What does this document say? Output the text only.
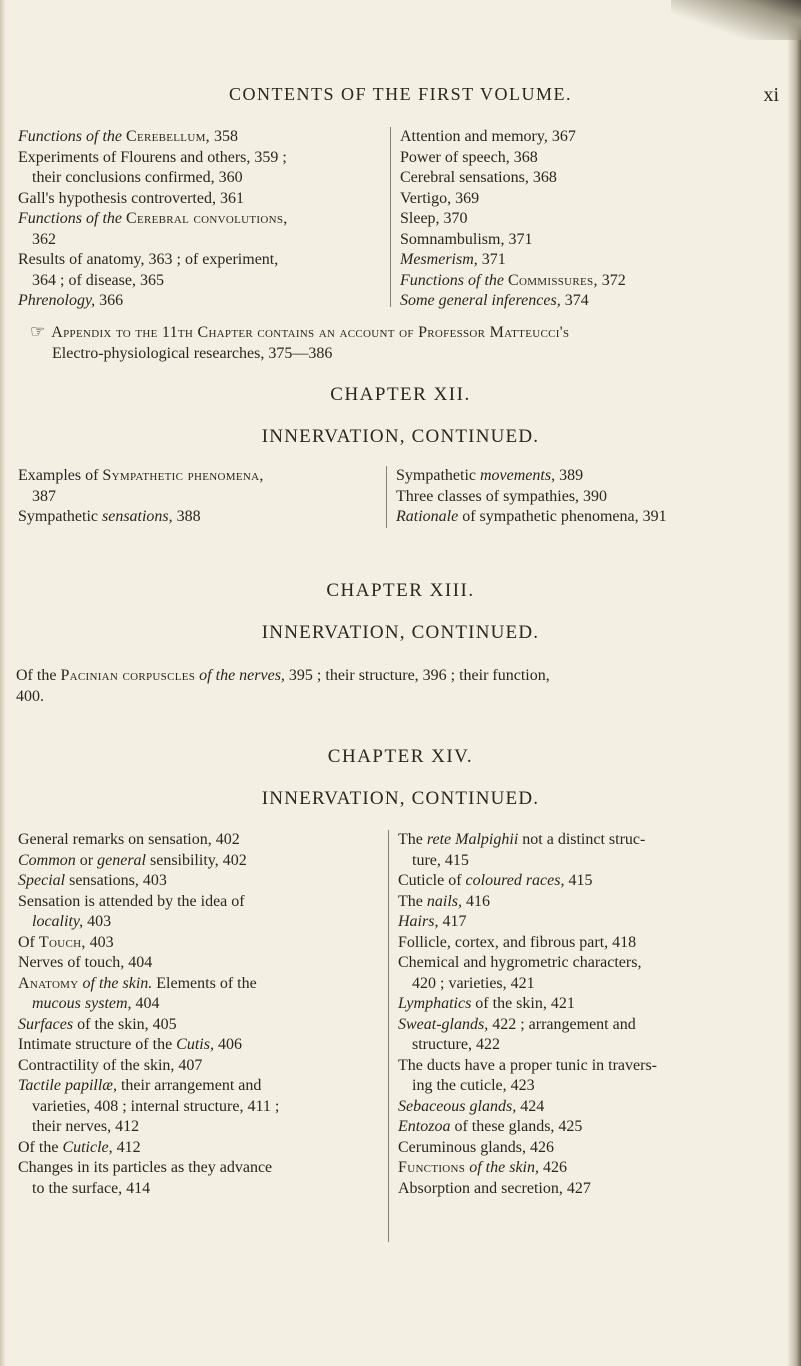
CONTENTS OF THE FIRST VOLUME.	xi

Functions of the Cerebellum, 358

Experiments of Flourens and others, 359 ;
their conclusions confirmed, 360

Gall's hypothesis controverted, 361

Functions of the Cerebral convolutions,
362

Results of anatomy, 363 ; of experiment,
364 ; of disease, 365

Phrenology, 366

Attention and memory, 367

Power of speech, 368

Cerebral sensations, 368

Vertigo, 369

Sleep, 370

Somnambulism, 371

Mesmerism, 371

Functions of the Commissures, 372

Some general inferences, 374

☞ Appendix to the 11th Chapter contains an account of Professor Matteucci's
Electro-physiological researches, 375—386
CHAPTER XII.
INNERVATION, CONTINUED.

Examples of Sympathetic phenomena,
387

Sympathetic sensations, 388

Sympathetic movements, 389

Three classes of sympathies, 390

Rationale of sympathetic phenomena, 391

CHAPTER XIII.
INNERVATION, CONTINUED.
Of the Pacinian corpuscles of the nerves, 395 ; their structure, 396 ; their function,
400.
CHAPTER XIV.
INNERVATION, CONTINUED.

General remarks on sensation, 402

Common or general sensibility, 402

Special sensations, 403

Sensation is attended by the idea of
locality, 403

Of Touch, 403

Nerves of touch, 404

Anatomy of the skin. Elements of the
mucous system, 404

Surfaces of the skin, 405

Intimate structure of the Cutis, 406

Contractility of the skin, 407

Tactile papillæ, their arrangement and
varieties, 408 ; internal structure, 411 ;
their nerves, 412

Of the Cuticle, 412

Changes in its particles as they advance
to the surface, 414

The rete Malpighii not a distinct struc-
ture, 415

Cuticle of coloured races, 415

The nails, 416

Hairs, 417

Follicle, cortex, and fibrous part, 418

Chemical and hygrometric characters,
420 ; varieties, 421

Lymphatics of the skin, 421

Sweat-glands, 422 ; arrangement and
structure, 422

The ducts have a proper tunic in travers-
ing the cuticle, 423

Sebaceous glands, 424

Entozoa of these glands, 425

Ceruminous glands, 426

Functions of the skin, 426

Absorption and secretion, 427
